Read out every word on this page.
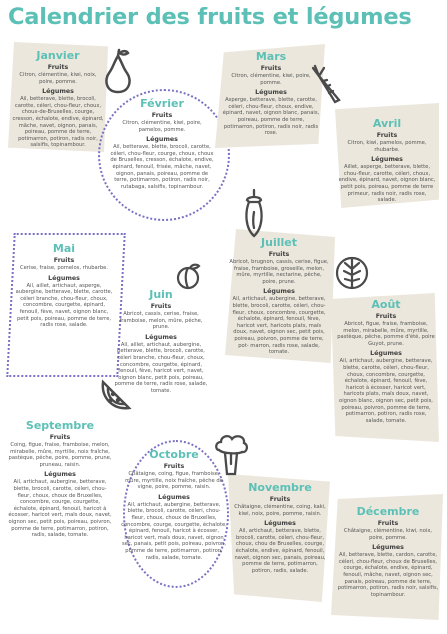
Calendrier des fruits et légumes
Janvier
Fruits
Citron, clémentine, kiwi, noix, poire, pomme.
Légumes
Ail, betterave, blette, brocoli, carotte, céleri, chou-fleur, choux, choux-de-Bruxelles, courge, cresson, échalote, endive, épinard, mâche, navet, oignon, panais, poireau, pomme de terre, potimarron, potiron, radis noir, salsifis, topinambour.
Février
Fruits
Citron, clémentine, kiwi, poire, pamelos, pomme.
Légumes
Ail, betterave, blette, brocoli, carotte, céleri, chou-fleur, courge, choux, choux de Bruxelles, cresson, échalote, endive, épinard, fenouil, frisée, mâche, navet, oignon, panais, poireau, pomme de terre, potimarron, potiron, radis noir, rutabaga, salsifis, topinambour.
Mars
Fruits
Citron, clémentine, kiwi, poire, pomme.
Légumes
Asperge, betterave, blette, carotte, céleri, chou-fleur, choux, endive, épinard, navet, oignon blanc, panais, poireau, pomme de terre, potimarron, potiron, radis noir, radis rose.
Avril
Fruits
Citron, kiwi, pamelos, pomme, rhubarbe.
Légumes
Aillet, asperge, betterave, blette, chou-fleur, carotte, céleri, choux, endive, épinard, navet, oignon blanc, petit pois, poireau, pomme de terre primeur, radis noir, radis rose, salade.
Mai
Fruits
Cerise, fraise, pomelos, rhubarbe.
Légumes
Ail, aillet, artichaut, asperge, aubergine, betterave, blette, carotte, céleri branche, chou-fleur, choux, concombre, courgette, épinard, fenouil, fève, navet, oignon blanc, petit pois, poireau, pomme de terre, radis rose, salade.
Juin
Fruits
Abricot, cassis, cerise, fraise, framboise, melon, mûre, pêche, prune.
Légumes
Ail, aillet, artichaut, aubergine, betterave, blette, brocoli, carotte, céleri branche, chou-fleur, choux, concombre, courgette, épinard, fenouil, fève, haricot vert, navet, oignon blanc, petit pois, poireau, pomme de terre, radis rose, salade, tomate.
Juillet
Fruits
Abricot, brugnon, cassis, cerise, figue, fraise, framboise, groseille, melon, mûre, myrtille, nectarine, pêche, poire, prune.
Légumes
Ail, artichaut, aubergine, betterave, blette, brocoli, carotte, céleri, chou-fleur, choux, concombre, courgette, échalote, épinard, fenouil, fève, haricot vert, haricots plats, maïs doux, navet, oignon sec, petit pois, poireau, poivron, pomme de terre, pot- marron, radis rose, salade, tomate.
Août
Fruits
Abricot, figue, fraise, framboise, melon, mirabelle, mûre, myrtille, pastèque, pêche, pomme d'été, poire Guyot, prune.
Légumes
Ail, artichaut, aubergine, betterave, blette, carotte, céleri, chou-fleur, choux, concombre, courgette, échalote, épinard, fenouil, fève, haricot à écosser, haricot vert, haricots plats, maïs doux, navet, oignon blanc, oignon sec, petit pois, poireau, poivron, pomme de terre, potimarron, potiron, radis rose, salade, tomate.
Septembre
Fruits
Coing, figue, fraise, framboise, melon, mirabelle, mûre, myrtille, noix fraîche, pastèque, pêche, poire, pomme, prune, pruneau, raisin.
Légumes
Ail, artichaut, aubergine, betterave, blette, brocoli, carotte, céleri, chou- fleur, choux, choux de Bruxelles, concombre, courge, courgette, échalote, épinard, fenouil, haricot à écosser, haricot vert, maïs doux, navet, oignon sec, petit pois, poireau, poivron, pomme de terre, potimarron, potiron, radis, salade, tomate.
Octobre
Fruits
Châtaigne, coing, figue, framboise, mûre, myrtille, noix fraîche, pêche de vigne, poire, pomme, raisin.
Légumes
Ail, artichaut, aubergine, betterave, blette, brocoli, carotte, céleri, chou-fleur, choux, choux de Bruxelles, concombre, courge, courgette, échalote, épinard, fenouil, haricot à écosser, haricot vert, maïs doux, navet, oignon sec, panais, petit pois, poireau, poivron, pomme de terre, potimarron, potiron, radis, salade, tomate.
Novembre
Fruits
Châtaigne, clémentine, coing, kaki, kiwi, noix, poire, pomme, raisin.
Légumes
Ail, artichaut, betterave, blette, brocoli, carotte, céleri, chou-fleur, choux, chou de Bruxelles, courge, échalote, endive, épinard, fenouil, navet, oignon sec, panais, poireau, pomme de terre, potimarron, potiron, radis, salade.
Décembre
Fruits
Châtaigne, clémentine, kiwi, noix, poire, pomme.
Légumes
Ail, betterave, blette, cardon, carotte, céleri, chou-fleur, choux de Bruxelles, courge, échalote, endive, épinard, fenouil, mâche, navet, oignon sec, panais, poireau, pomme de terre, potimarron, potiron, radis noir, salsifis, topinambour.
